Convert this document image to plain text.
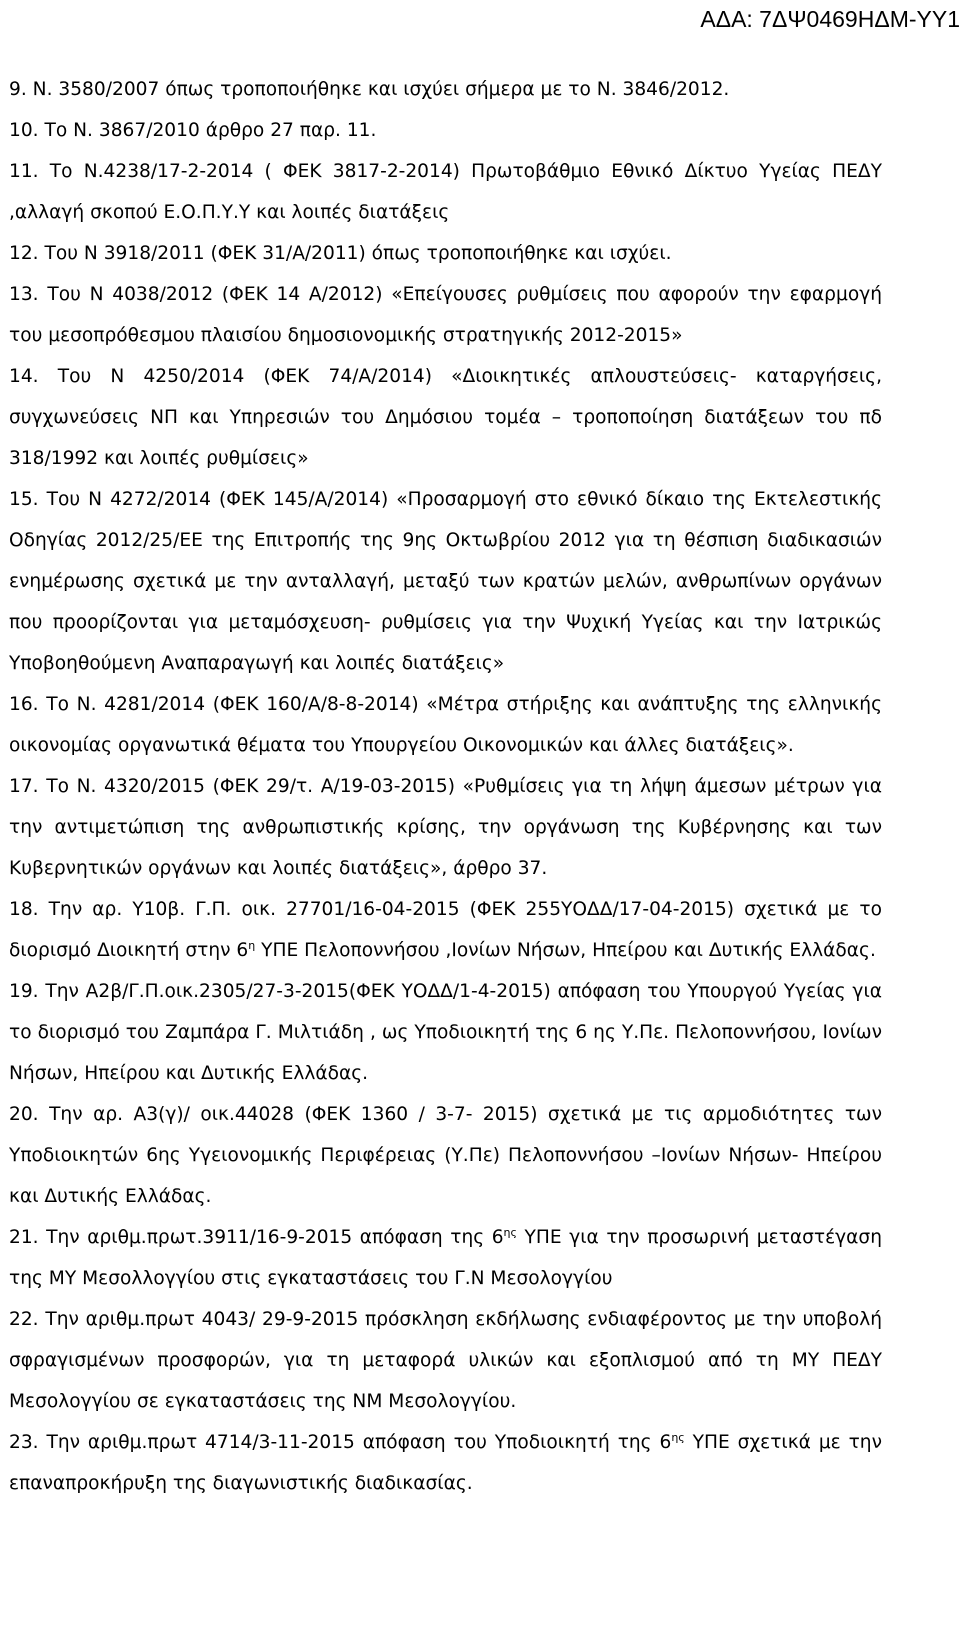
ΑΔΑ: 7ΔΨ0469ΗΔΜ-ΥΥ1

9. Ν. 3580/2007 όπως τροποποιήθηκε και ισχύει σήμερα με το Ν. 3846/2012.

10. Το Ν. 3867/2010 άρθρο 27 παρ. 11.

11. Το Ν.4238/17-2-2014 ( ΦΕΚ 3817-2-2014) Πρωτοβάθμιο Εθνικό Δίκτυο Υγείας ΠΕΔΥ ,αλλαγή σκοπού Ε.Ο.Π.Υ.Υ και λοιπές διατάξεις

12. Του Ν 3918/2011 (ΦΕΚ 31/Α/2011) όπως τροποποιήθηκε και ισχύει.

13. Του Ν 4038/2012 (ΦΕΚ 14 Α/2012) «Επείγουσες ρυθμίσεις που αφορούν την εφαρμογή του μεσοπρόθεσμου πλαισίου δημοσιονομικής στρατηγικής 2012-2015»

14. Του Ν 4250/2014 (ΦΕΚ 74/Α/2014) «Διοικητικές απλουστεύσεις- καταργήσεις, συγχωνεύσεις ΝΠ και Υπηρεσιών του Δημόσιου τομέα – τροποποίηση διατάξεων του πδ 318/1992 και λοιπές ρυθμίσεις»

15. Του Ν 4272/2014 (ΦΕΚ 145/Α/2014) «Προσαρμογή στο εθνικό δίκαιο της Εκτελεστικής Οδηγίας 2012/25/ΕΕ της Επιτροπής της 9ης Οκτωβρίου 2012 για τη θέσπιση διαδικασιών ενημέρωσης σχετικά με την ανταλλαγή, μεταξύ των κρατών μελών, ανθρωπίνων οργάνων που προορίζονται για μεταμόσχευση- ρυθμίσεις για την Ψυχική Υγείας και την Ιατρικώς Υποβοηθούμενη Αναπαραγωγή και λοιπές διατάξεις»

16. Το Ν. 4281/2014 (ΦΕΚ 160/Α/8-8-2014) «Μέτρα στήριξης και ανάπτυξης της ελληνικής οικονομίας οργανωτικά θέματα του Υπουργείου Οικονομικών και άλλες διατάξεις».

17. Το Ν. 4320/2015 (ΦΕΚ 29/τ. Α/19-03-2015) «Ρυθμίσεις για τη λήψη άμεσων μέτρων για την αντιμετώπιση της ανθρωπιστικής κρίσης, την οργάνωση της Κυβέρνησης και των Κυβερνητικών οργάνων και λοιπές διατάξεις», άρθρο 37.

18. Την αρ. Υ10β. Γ.Π. οικ. 27701/16-04-2015 (ΦΕΚ 255ΥΟΔΔ/17-04-2015) σχετικά με το διορισμό Διοικητή στην $6^\eta$ ΥΠΕ Πελοποννήσου ,Ιονίων Νήσων, Ηπείρου και Δυτικής Ελλάδας.

19. Την Α2β/Γ.Π.οικ.2305/27-3-2015(ΦΕΚ ΥΟΔΔ/1-4-2015) απόφαση του Υπουργού Υγείας για το διορισμό του Ζαμπάρα Γ. Μιλτιάδη , ως Υποδιοικητή της 6 ης Υ.Πε. Πελοποννήσου, Ιονίων Νήσων, Ηπείρου και Δυτικής Ελλάδας.

20. Την αρ. Α3(γ)/ οικ.44028 (ΦΕΚ 1360 / 3-7- 2015) σχετικά με τις αρμοδιότητες των Υποδιοικητών 6ης Υγειονομικής Περιφέρειας (Υ.Πε) Πελοποννήσου –Ιονίων Νήσων- Ηπείρου και Δυτικής Ελλάδας.

21. Την αριθμ.πρωτ.3911/16-9-2015 απόφαση της $6^{\eta\varsigma}$ ΥΠΕ για την προσωρινή μεταστέγαση της ΜΥ Μεσολλογγίου στις εγκαταστάσεις του Γ.Ν Μεσολογγίου

22. Την αριθμ.πρωτ 4043/ 29-9-2015 πρόσκληση εκδήλωσης ενδιαφέροντος με την υποβολή σφραγισμένων προσφορών, για τη μεταφορά υλικών και εξοπλισμού από τη ΜΥ ΠΕΔΥ Μεσολογγίου σε εγκαταστάσεις της ΝΜ Μεσολογγίου.

23. Την αριθμ.πρωτ 4714/3-11-2015 απόφαση του Υποδιοικητή της $6^{\eta\varsigma}$ ΥΠΕ σχετικά με την επαναπροκήρυξη της διαγωνιστικής διαδικασίας.
